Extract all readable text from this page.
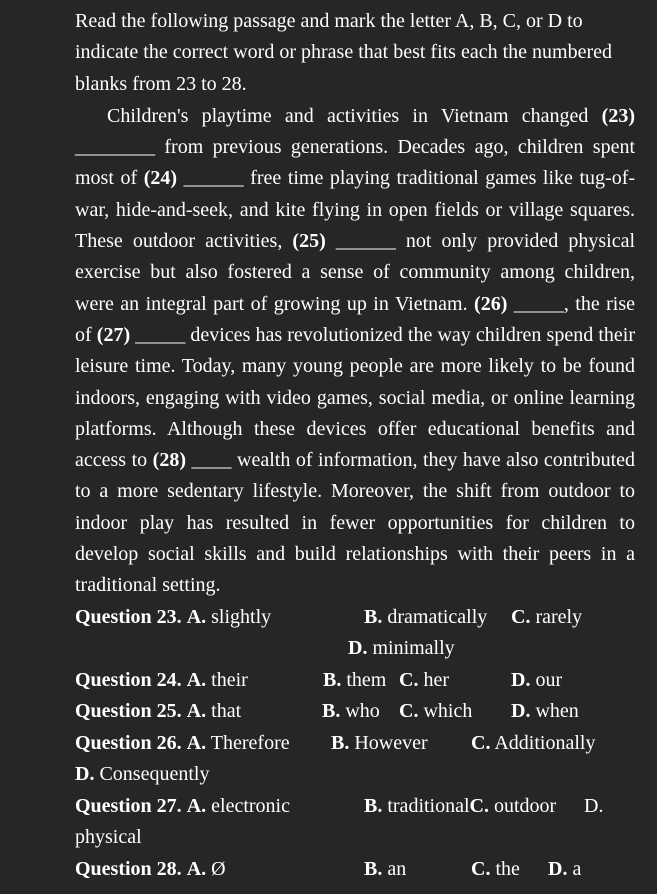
Read the following passage and mark the letter A, B, C, or D to
indicate the correct word or phrase that best fits each the numbered
blanks from 23 to 28.

Children's playtime and activities in Vietnam changed (23) ________ from previous generations. Decades ago, children spent most of (24) ______ free time playing traditional games like tug-of-war, hide-and-seek, and kite flying in open fields or village squares. These outdoor activities, (25) ______ not only provided physical exercise but also fostered a sense of community among children, were an integral part of growing up in Vietnam. (26) _____, the rise of (27) _____ devices has revolutionized the way children spend their leisure time. Today, many young people are more likely to be found indoors, engaging with video games, social media, or online learning platforms. Although these devices offer educational benefits and access to (28) ____ wealth of information, they have also contributed to a more sedentary lifestyle. Moreover, the shift from outdoor to indoor play has resulted in fewer opportunities for children to develop social skills and build relationships with their peers in a traditional setting.

Question 23. A. slightly	B. dramatically C. rarely
D. minimally
Question 24. A. their	B. them C. her	D. our
Question 25. A. that	B. who C. which D. when
Question 26. A. Therefore B. However C. Additionally
D. Consequently
Question 27. A. electronic	B. traditionalC. outdoor D.
physical
Question 28. A. Ø	B. an	C. the D. a
